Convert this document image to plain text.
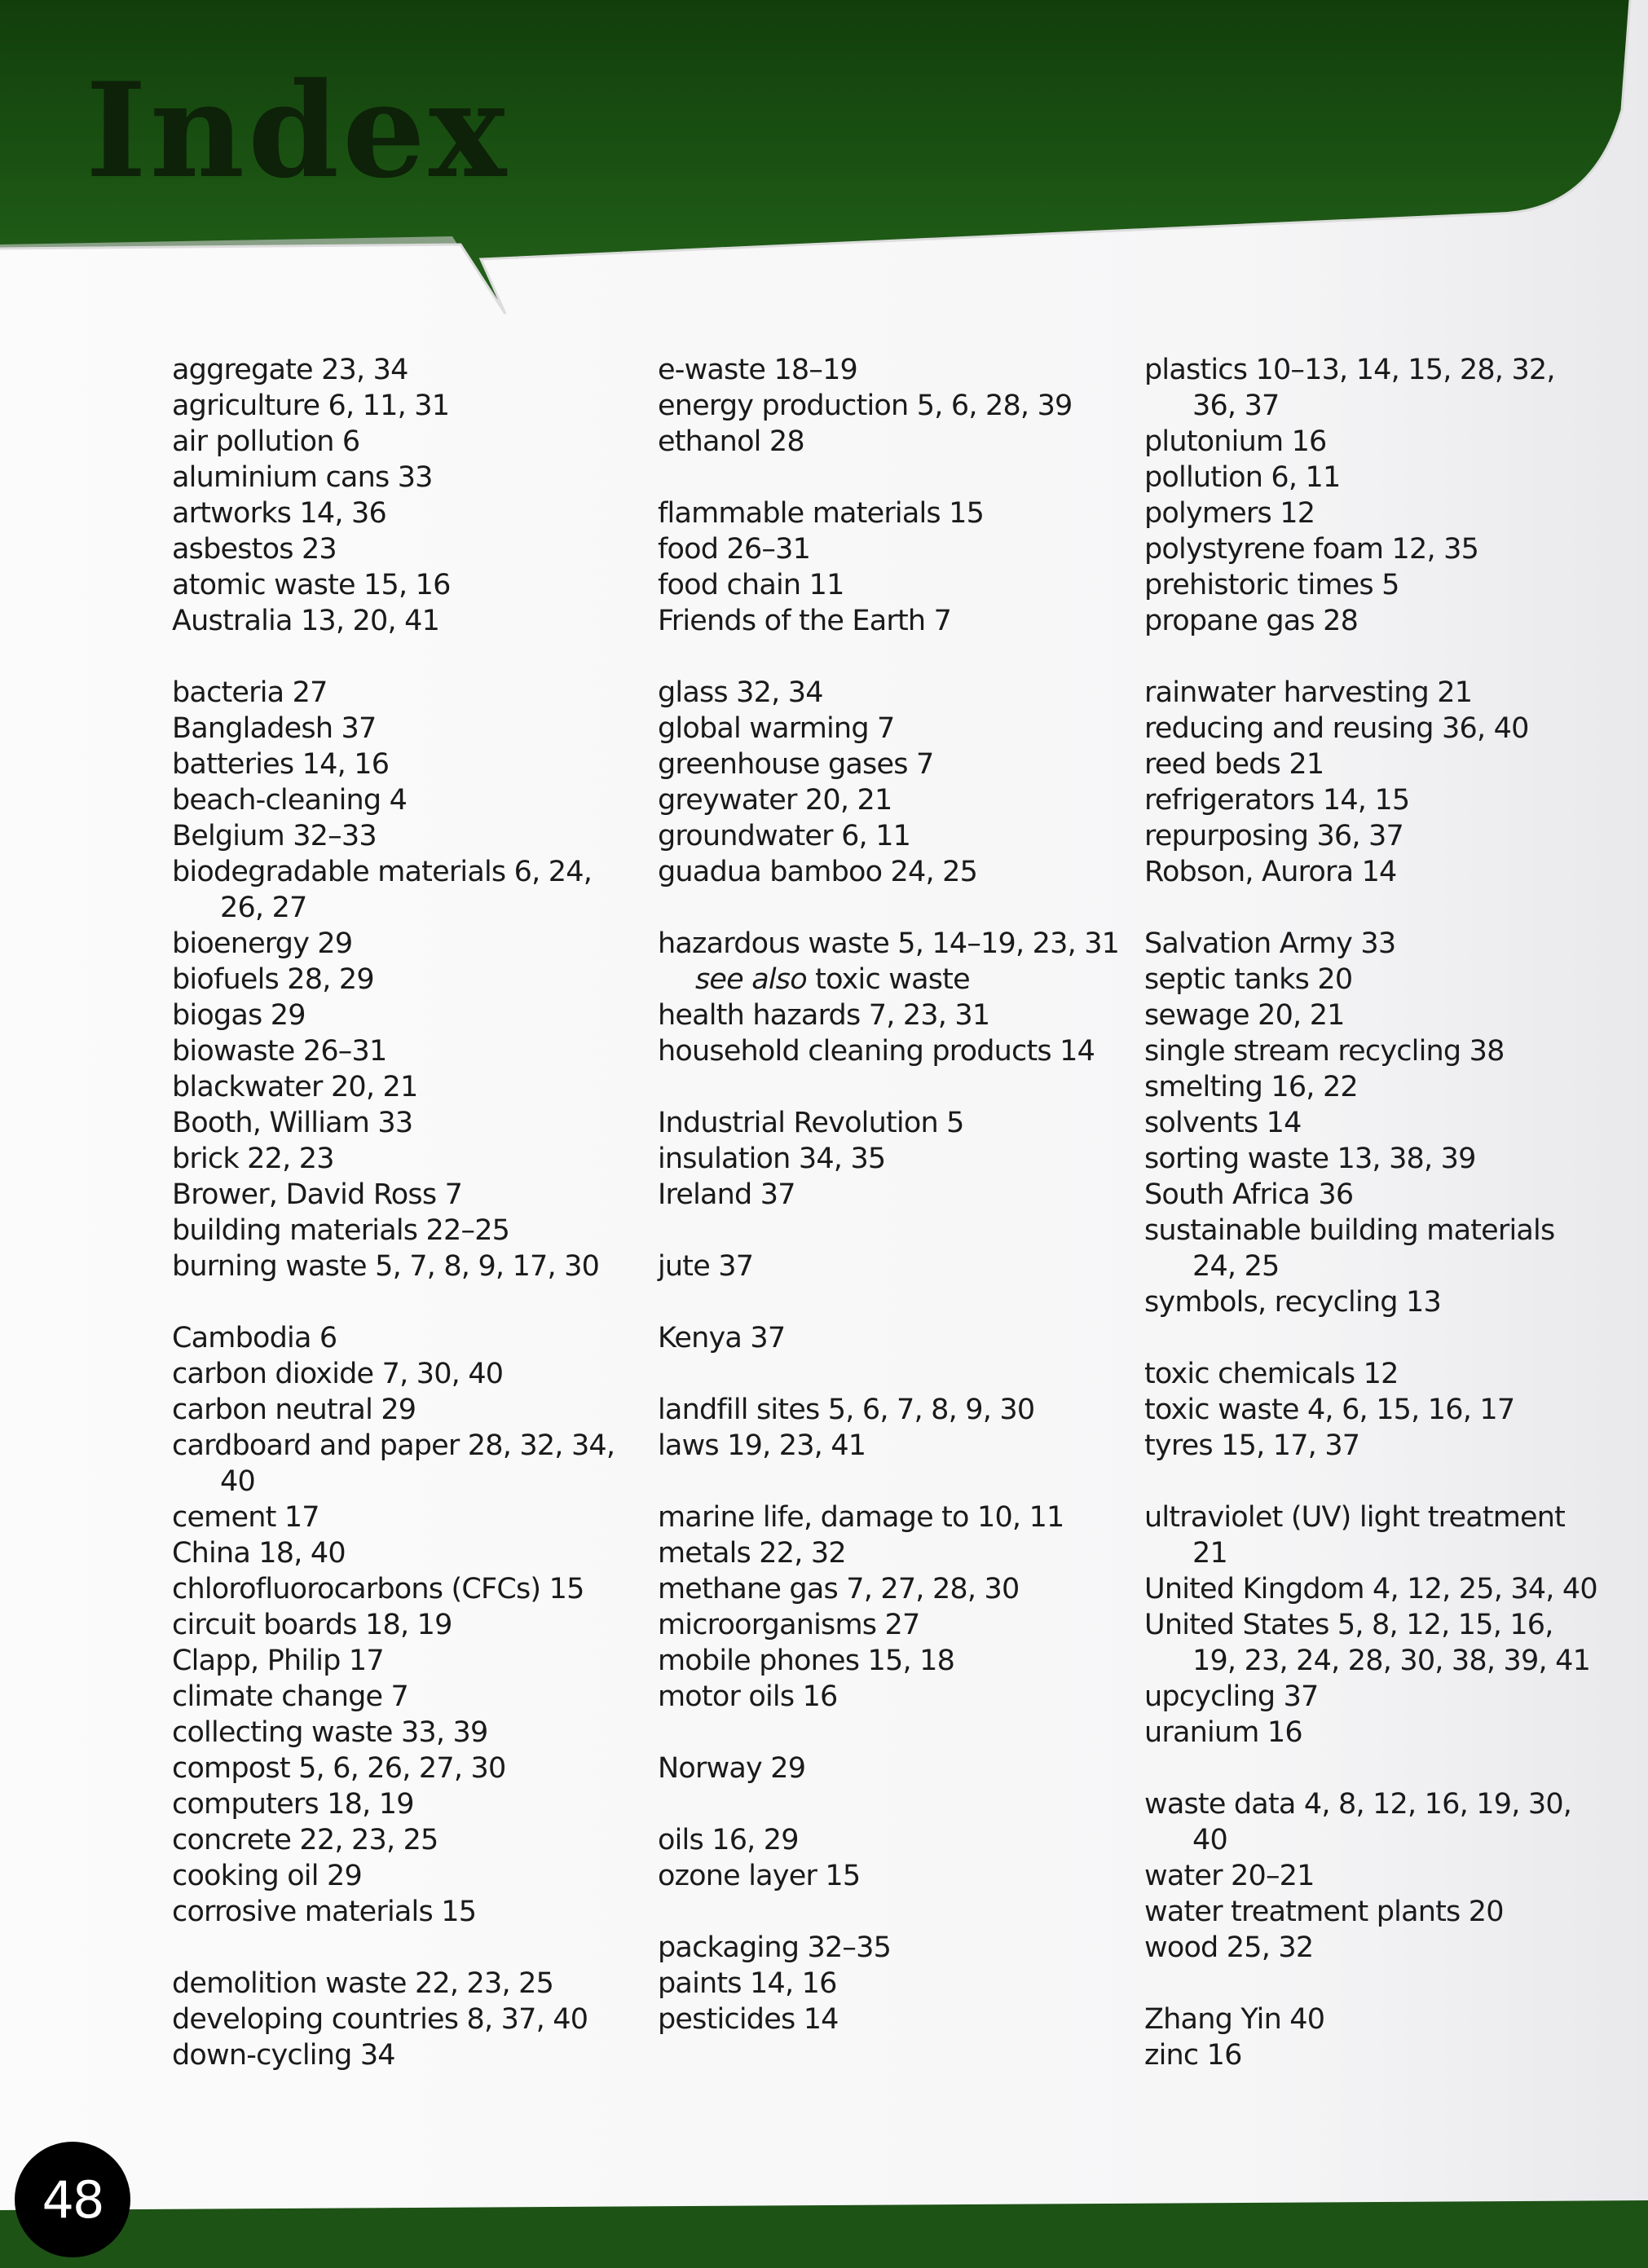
Index
aggregate 23, 34
agriculture 6, 11, 31
air pollution 6
aluminium cans 33
artworks 14, 36
asbestos 23
atomic waste 15, 16
Australia 13, 20, 41
bacteria 27
Bangladesh 37
batteries 14, 16
beach-cleaning 4
Belgium 32–33
biodegradable materials 6, 24, 26, 27
bioenergy 29
biofuels 28, 29
biogas 29
biowaste 26–31
blackwater 20, 21
Booth, William 33
brick 22, 23
Brower, David Ross 7
building materials 22–25
burning waste 5, 7, 8, 9, 17, 30
Cambodia 6
carbon dioxide 7, 30, 40
carbon neutral 29
cardboard and paper 28, 32, 34, 40
cement 17
China 18, 40
chlorofluorocarbons (CFCs) 15
circuit boards 18, 19
Clapp, Philip 17
climate change 7
collecting waste 33, 39
compost 5, 6, 26, 27, 30
computers 18, 19
concrete 22, 23, 25
cooking oil 29
corrosive materials 15
demolition waste 22, 23, 25
developing countries 8, 37, 40
down-cycling 34
e-waste 18–19
energy production 5, 6, 28, 39
ethanol 28
flammable materials 15
food 26–31
food chain 11
Friends of the Earth 7
glass 32, 34
global warming 7
greenhouse gases 7
greywater 20, 21
groundwater 6, 11
guadua bamboo 24, 25
hazardous waste 5, 14–19, 23, 31
see also toxic waste
health hazards 7, 23, 31
household cleaning products 14
Industrial Revolution 5
insulation 34, 35
Ireland 37
jute 37
Kenya 37
landfill sites 5, 6, 7, 8, 9, 30
laws 19, 23, 41
marine life, damage to 10, 11
metals 22, 32
methane gas 7, 27, 28, 30
microorganisms 27
mobile phones 15, 18
motor oils 16
Norway 29
oils 16, 29
ozone layer 15
packaging 32–35
paints 14, 16
pesticides 14
plastics 10–13, 14, 15, 28, 32, 36, 37
plutonium 16
pollution 6, 11
polymers 12
polystyrene foam 12, 35
prehistoric times 5
propane gas 28
rainwater harvesting 21
reducing and reusing 36, 40
reed beds 21
refrigerators 14, 15
repurposing 36, 37
Robson, Aurora 14
Salvation Army 33
septic tanks 20
sewage 20, 21
single stream recycling 38
smelting 16, 22
solvents 14
sorting waste 13, 38, 39
South Africa 36
sustainable building materials 24, 25
symbols, recycling 13
toxic chemicals 12
toxic waste 4, 6, 15, 16, 17
tyres 15, 17, 37
ultraviolet (UV) light treatment 21
United Kingdom 4, 12, 25, 34, 40
United States 5, 8, 12, 15, 16, 19, 23, 24, 28, 30, 38, 39, 41
upcycling 37
uranium 16
waste data 4, 8, 12, 16, 19, 30, 40
water 20–21
water treatment plants 20
wood 25, 32
Zhang Yin 40
zinc 16
48
